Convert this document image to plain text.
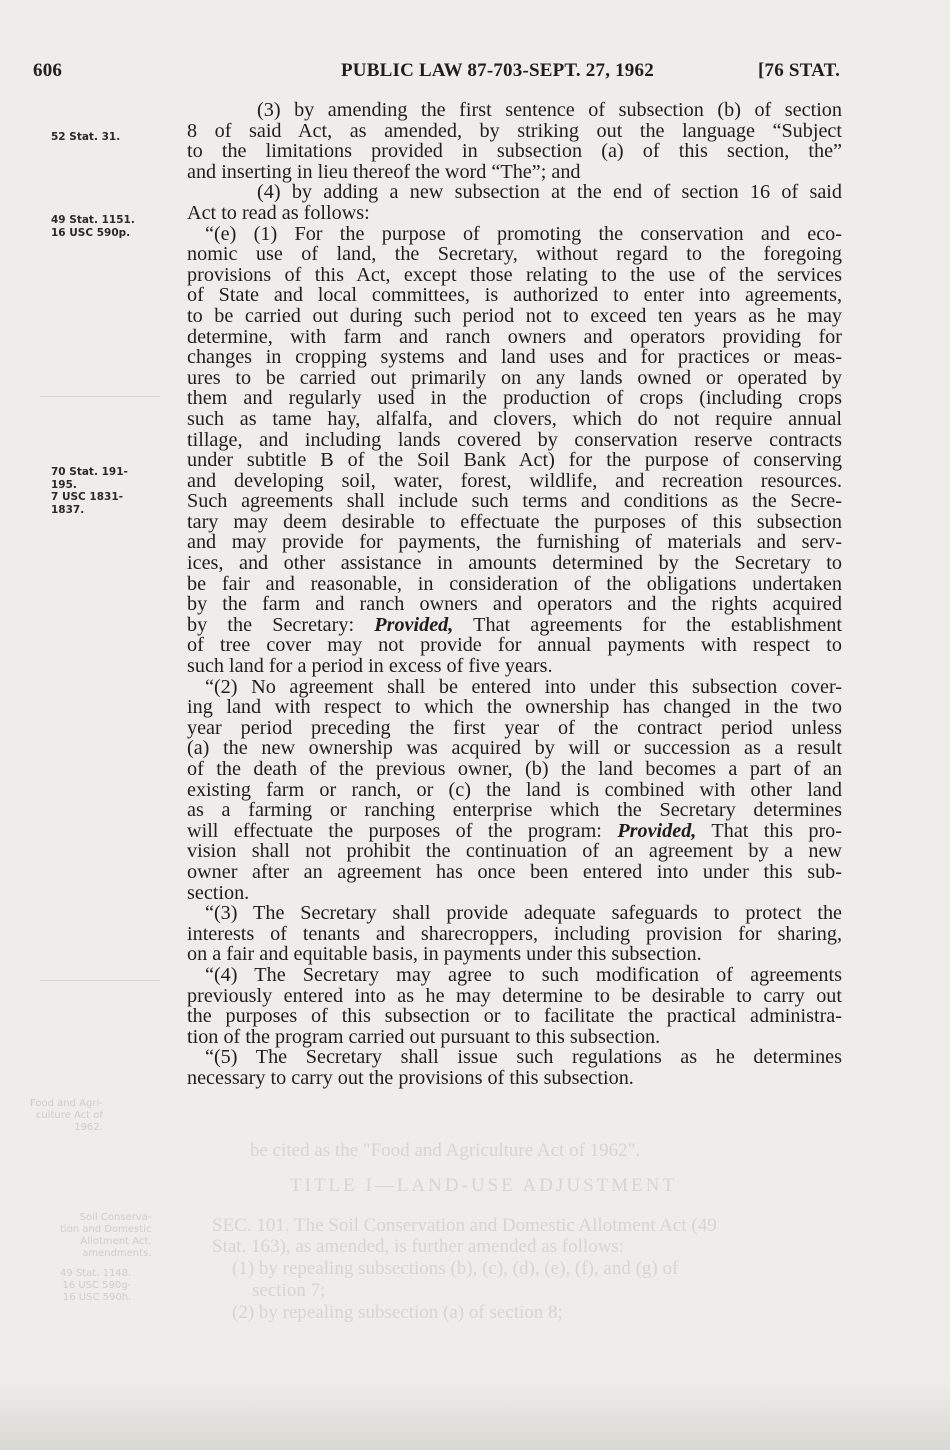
be cited as the "Food and Agriculture Act of 1962".
TITLE I—LAND-USE ADJUSTMENT
SEC. 101. The Soil Conservation and Domestic Allotment Act (49
Stat. 163), as amended, is further amended as follows:
(1) by repealing subsections (b), (c), (d), (e), (f), and (g) of
section 7;
(2) by repealing subsection (a) of section 8;
Soil Conserva-
tion and Domestic
Allotment Act,
amendments.
49 Stat. 1148.
16 USC 590g-
16 USC 590h.
Food and Agri-
culture Act of
1962.
606	PUBLIC LAW 87-703-SEPT. 27, 1962	[76 STAT.
52 Stat. 31.
49 Stat. 1151.
16 USC 590p.
70 Stat. 191-
195.
7 USC 1831-
1837.
(3) by amending the first sentence of subsection (b) of section
8 of said Act, as amended, by striking out the language “Subject
to the limitations provided in subsection (a) of this section, the”
and inserting in lieu thereof the word “The”; and
(4) by adding a new subsection at the end of section 16 of said
Act to read as follows:
“(e) (1) For the purpose of promoting the conservation and eco-
nomic use of land, the Secretary, without regard to the foregoing
provisions of this Act, except those relating to the use of the services
of State and local committees, is authorized to enter into agreements,
to be carried out during such period not to exceed ten years as he may
determine, with farm and ranch owners and operators providing for
changes in cropping systems and land uses and for practices or meas-
ures to be carried out primarily on any lands owned or operated by
them and regularly used in the production of crops (including crops
such as tame hay, alfalfa, and clovers, which do not require annual
tillage, and including lands covered by conservation reserve contracts
under subtitle B of the Soil Bank Act) for the purpose of conserving
and developing soil, water, forest, wildlife, and recreation resources.
Such agreements shall include such terms and conditions as the Secre-
tary may deem desirable to effectuate the purposes of this subsection
and may provide for payments, the furnishing of materials and serv-
ices, and other assistance in amounts determined by the Secretary to
be fair and reasonable, in consideration of the obligations undertaken
by the farm and ranch owners and operators and the rights acquired
by the Secretary: Provided, That agreements for the establishment
of tree cover may not provide for annual payments with respect to
such land for a period in excess of five years.
“(2) No agreement shall be entered into under this subsection cover-
ing land with respect to which the ownership has changed in the two
year period preceding the first year of the contract period unless
(a) the new ownership was acquired by will or succession as a result
of the death of the previous owner, (b) the land becomes a part of an
existing farm or ranch, or (c) the land is combined with other land
as a farming or ranching enterprise which the Secretary determines
will effectuate the purposes of the program: Provided, That this pro-
vision shall not prohibit the continuation of an agreement by a new
owner after an agreement has once been entered into under this sub-
section.
“(3) The Secretary shall provide adequate safeguards to protect the
interests of tenants and sharecroppers, including provision for sharing,
on a fair and equitable basis, in payments under this subsection.
“(4) The Secretary may agree to such modification of agreements
previously entered into as he may determine to be desirable to carry out
the purposes of this subsection or to facilitate the practical administra-
tion of the program carried out pursuant to this subsection.
“(5) The Secretary shall issue such regulations as he determines
necessary to carry out the provisions of this subsection.
